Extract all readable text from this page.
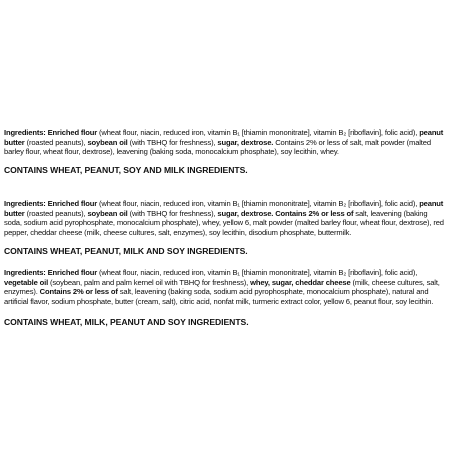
Ingredients: Enriched flour (wheat flour, niacin, reduced iron, vitamin B₁ [thiamin mononitrate], vitamin B₂ [riboflavin], folic acid), peanut butter (roasted peanuts), soybean oil (with TBHQ for freshness), sugar, dextrose. Contains 2% or less of salt, malt powder (malted barley flour, wheat flour, dextrose), leavening (baking soda, monocalcium phosphate), soy lecithin, whey.
CONTAINS WHEAT, PEANUT, SOY AND MILK INGREDIENTS.
Ingredients: Enriched flour (wheat flour, niacin, reduced iron, vitamin B₁ [thiamin mononitrate], vitamin B₂ [riboflavin], folic acid), peanut butter (roasted peanuts), soybean oil (with TBHQ for freshness), sugar, dextrose. Contains 2% or less of salt, leavening (baking soda, sodium acid pyrophosphate, monocalcium phosphate), whey, yellow 6, malt powder (malted barley flour, wheat flour, dextrose), red pepper, cheddar cheese (milk, cheese cultures, salt, enzymes), soy lecithin, disodium phosphate, buttermilk.
CONTAINS WHEAT, PEANUT, MILK AND SOY INGREDIENTS.
Ingredients: Enriched flour (wheat flour, niacin, reduced iron, vitamin B₁ [thiamin mononitrate], vitamin B₂ [riboflavin], folic acid), vegetable oil (soybean, palm and palm kernel oil with TBHQ for freshness), whey, sugar, cheddar cheese (milk, cheese cultures, salt, enzymes). Contains 2% or less of salt, leavening (baking soda, sodium acid pyrophosphate, monocalcium phosphate), natural and artificial flavor, sodium phosphate, butter (cream, salt), citric acid, nonfat milk, turmeric extract color, yellow 6, peanut flour, soy lecithin.
CONTAINS WHEAT, MILK, PEANUT AND SOY INGREDIENTS.
